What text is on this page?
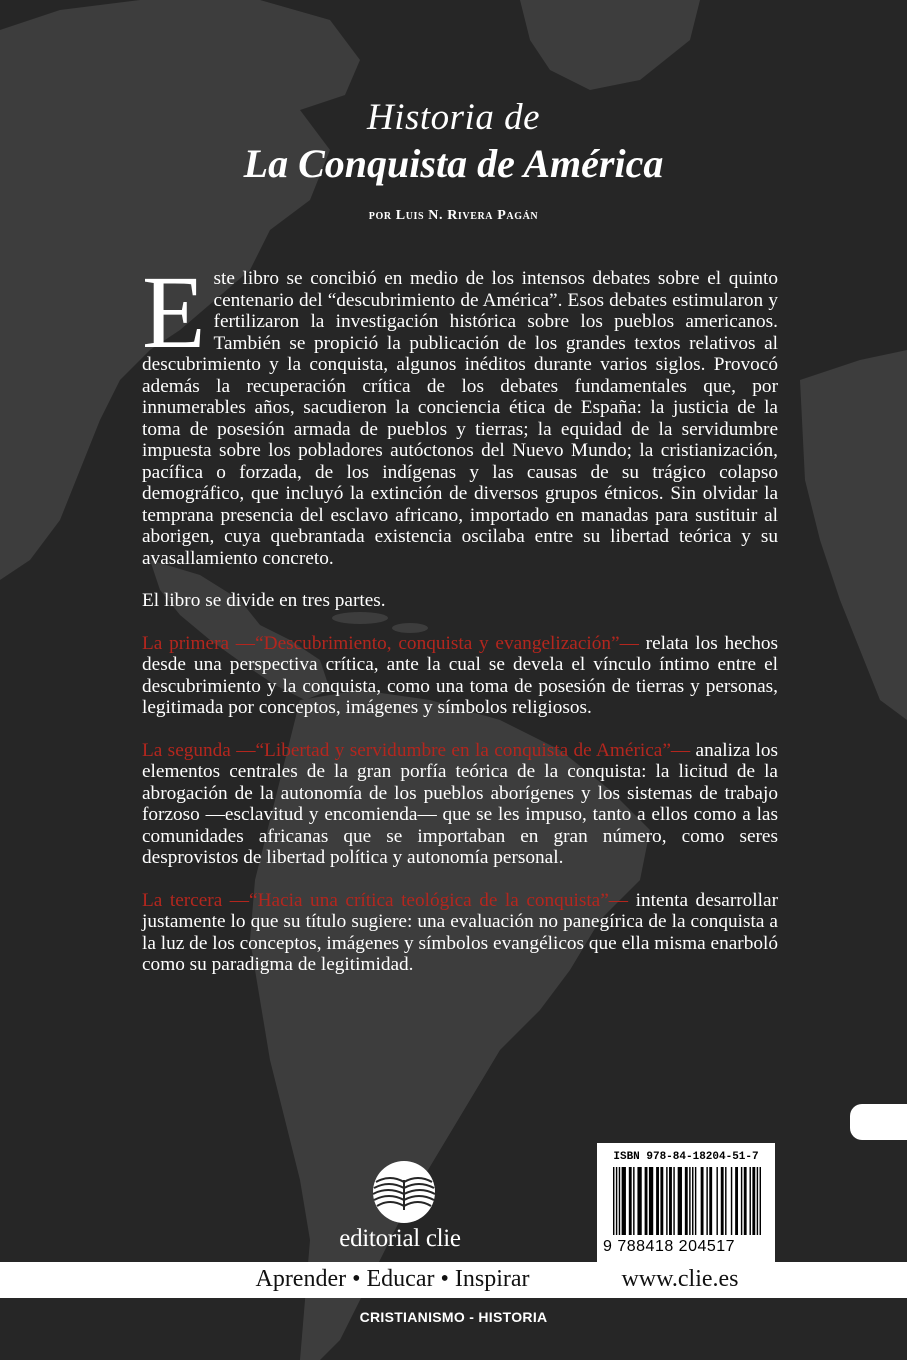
Historia de
La Conquista de América
por Luis N. Rivera Pagán

Este libro se concibió en medio de los intensos debates sobre el quinto centenario del “descubrimiento de América”. Esos debates estimularon y fertilizaron la investigación histórica sobre los pueblos americanos. También se propició la publicación de los grandes textos relativos al descubrimiento y la conquista, algunos inéditos durante varios siglos. Provocó además la recuperación crítica de los debates fundamentales que, por innumerables años, sacudieron la conciencia ética de España: la justicia de la toma de posesión armada de pueblos y tierras; la equidad de la servidumbre impuesta sobre los pobladores autóctonos del Nuevo Mundo; la cristianización, pacífica o forzada, de los indígenas y las causas de su trágico colapso demográfico, que incluyó la extinción de diversos grupos étnicos. Sin olvidar la temprana presencia del esclavo africano, importado en manadas para sustituir al aborigen, cuya quebrantada existencia oscilaba entre su libertad teórica y su avasallamiento concreto.

El libro se divide en tres partes.

La primera —“Descubrimiento, conquista y evangelización”— relata los hechos desde una perspectiva crítica, ante la cual se devela el vínculo íntimo entre el descubrimiento y la conquista, como una toma de posesión de tierras y personas, legitimada por conceptos, imágenes y símbolos religiosos.

La segunda —“Libertad y servidumbre en la conquista de América”— analiza los elementos centrales de la gran porfía teórica de la conquista: la licitud de la abrogación de la autonomía de los pueblos aborígenes y los sistemas de trabajo forzoso —esclavitud y encomienda— que se les impuso, tanto a ellos como a las comunidades africanas que se importaban en gran número, como seres desprovistos de libertad política y autonomía personal.

La tercera —“Hacia una crítica teológica de la conquista”— intenta desarrollar justamente lo que su título sugiere: una evaluación no panegírica de la conquista a la luz de los conceptos, imágenes y símbolos evangélicos que ella misma enarboló como su paradigma de legitimidad.

ISBN 978-84-18204-51-7
9 788418 204517
editorial clie
Aprender • Educar • Inspirar	www.clie.es
CRISTIANISMO - HISTORIA
